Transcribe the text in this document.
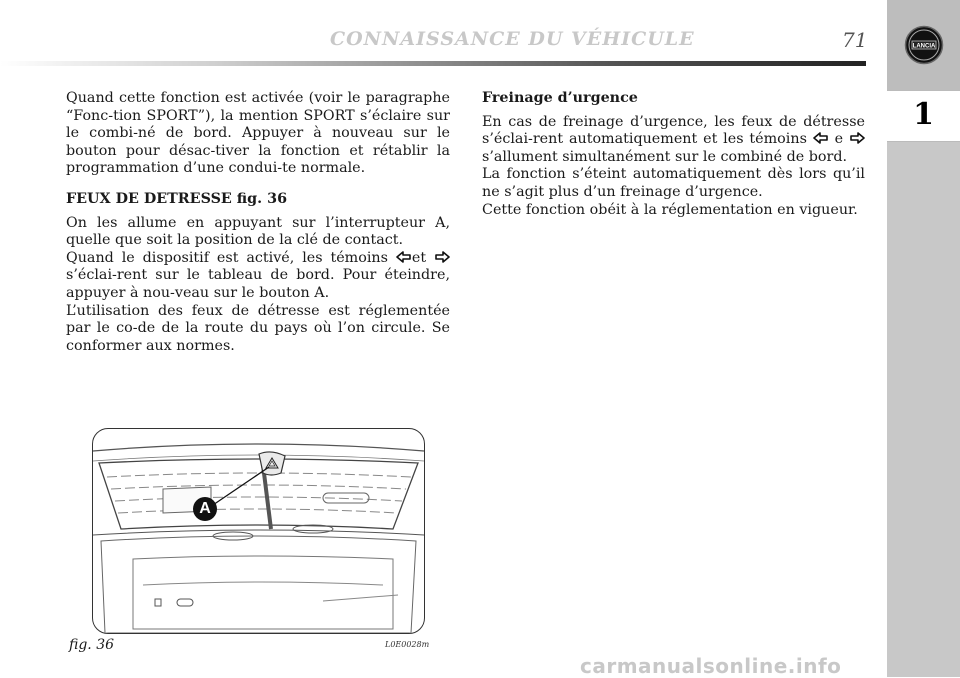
CONNAISSANCE DU VÉHICULE	71	LANCIA
1

Quand cette fonction est activée (voir le paragraphe “Fonc-tion SPORT”), la mention SPORT s’éclaire sur le combi-né de bord. Appuyer à nouveau sur le bouton pour désac-tiver la fonction et rétablir la programmation d’une condui-te normale.

FEUX DE DETRESSE fig. 36

On les allume en appuyant sur l’interrupteur A, quelle que soit la position de la clé de contact.
Quand le dispositif est activé, les témoins et  s’éclai-rent sur le tableau de bord. Pour éteindre, appuyer à nou-veau sur le bouton A.
L’utilisation des feux de détresse est réglementée par le co-de de la route du pays où l’on circule. Se conformer aux normes.

Freinage d’urgence

En cas de freinage d’urgence, les feux de détresse s’éclai-rent automatiquement et les témoins e  s’allument simultanément sur le combiné de bord.
La fonction s’éteint automatiquement dès lors qu’il ne s’agit plus d’un freinage d’urgence.
Cette fonction obéit à la réglementation en vigueur.

A
fig. 36	L0E0028m
carmanualsonline.info
